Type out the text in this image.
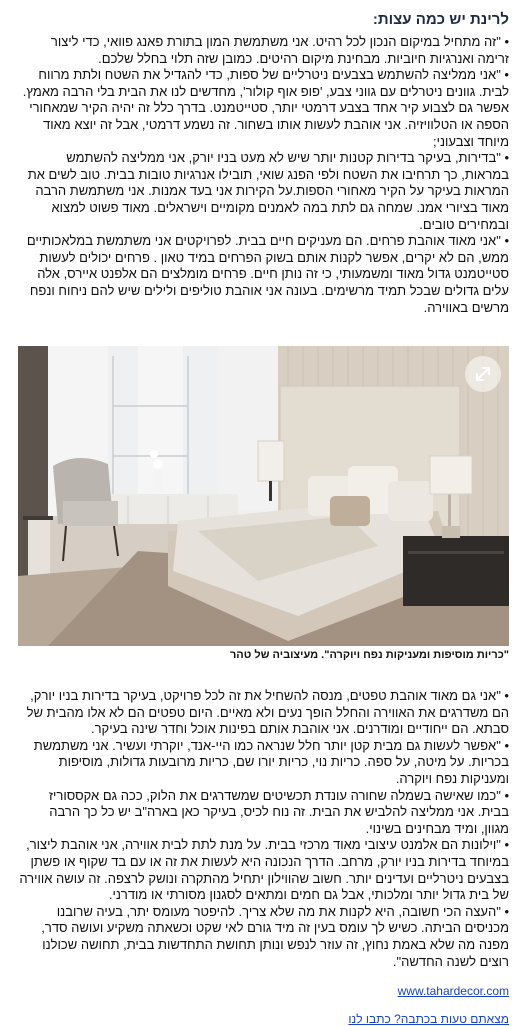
לרינת יש כמה עצות:

• "זה מתחיל במיקום הנכון לכל רהיט. אני משתמשת המון בתורת פאנג פוואי, כדי ליצור זרימה ואנרגיות חיוביות. מבחינת מיקום רהיטים. כמובן שזה תלוי בחלל שלכם.

• "אני ממליצה להשתמש בצבעים ניטרליים של ספות, כדי להגדיל את השטח ולתת מרווח לבית. גוונים ניטרלים עם גווני צבע, 'פופ אוף קולור', מחדשים לנו את הבית בלי הרבה מאמץ. אפשר גם לצבוע קיר אחד בצבע דרמטי יותר, סטייטמנט. בדרך כלל זה יהיה הקיר שמאחורי הספה או הטלוויזיה. אני אוהבת לעשות אותו בשחור. זה נשמע דרמטי, אבל זה יוצא מאוד מיוחד וצבעוני;

• "בדירות, בעיקר בדירות קטנות יותר שיש לא מעט בניו יורק, אני ממליצה להשתמש במראות, כך תרחיבו את השטח ולפי הפנג שואי, תובילו אנרגיות טובות בבית. טוב לשים את המראות בעיקר על הקיר מאחורי הספות.על הקירות אני בעד אמנות. אני משתמשת הרבה מאוד בציורי אמנ. שמחה גם לתת במה לאמנים מקומיים וישראלים. מאוד פשוט למצוא ובמחירים טובים.

• "אני מאוד אוהבת פרחים. הם מעניקים חיים בבית. לפרויקטים אני משתמשת במלאכותיים ממש, הם לא יקרים, אפשר לקנות אותם בשוק הפרחים במיד טאון . פרחים יכולים לעשות סטייטמנט גדול מאוד ומשמעותי, כי זה נותן חיים. פרחים מומלצים הם אלפנט איירס, אלה עלים גדולים שבכל תמיד מרשימים. בעונה אני אוהבת טוליפים ולילים שיש להם ניחוח ונפח מרשים באווירה.

"כריות מוסיפות ומעניקות נפח ויוקרה". מעיצוביה של טהר

• "אני גם מאוד אוהבת טפטים, מנסה להשחיל את זה לכל פרויקט, בעיקר בדירות בניו יורק, הם משדרגים את האווירה והחלל הופך נעים ולא מאיים. היום טפטים הם לא אלו מהבית של סבתא. הם ייחודיים ומודרנים. אני אוהבת אותם בפינות אוכל וחדר שינה בעיקר.

• "אפשר לעשות גם מבית קטן יותר חלל שנראה כמו היי-אנד, יוקרתי ועשיר. אני משתמשת בכריות. על מיטה, על ספה. כריות נוי, כריות יורו שם, כריות מרובעות גדולות, מוסיפות ומעניקות נפח ויוקרה.

• "כמו שאישה בשמלה שחורה עונדת תכשיטים שמשדרגים את הלוק, ככה גם אקססוריז בבית. אני ממליצה להלביש את הבית. זה נוח לכיס, בעיקר כאן בארה"ב יש כל כך הרבה מגוון, ומיד מבחינים בשינוי.

• "וילונות הם אלמנט עיצובי מאוד מרכזי בבית. על מנת לתת לבית אווירה, אני אוהבת ליצור, במיוחד בדירות בניו יורק, מרחב. הדרך הנכונה היא לעשות את זה או עם בד שקוף או פשתן בצבעים ניטרליים ועדינים יותר. חשוב שהווילון יתחיל מהתקרה ונושק לרצפה. זה עושה אווירה של בית גדול יותר ומלכותי, אבל גם חמים ומתאים לסגנון מסורתי או מודרני.

• "העצה הכי חשובה, היא לקנות את מה שלא צריך. להיפטר מעומס יתר, בעיה שרובנו מכניסים הביתה. כשיש לך עומס בעין זה מיד גורם לאי שקט וכשאתה משקיע ועושה סדר, מפנה מה שלא באמת נחוץ, זה עוזר לנפש ונותן תחושת התחדשות בבית, תחושה שכולנו רוצים לשנה החדשה".

www.tahardecor.com
מצאתם טעות בכתבה? כתבו לנו
